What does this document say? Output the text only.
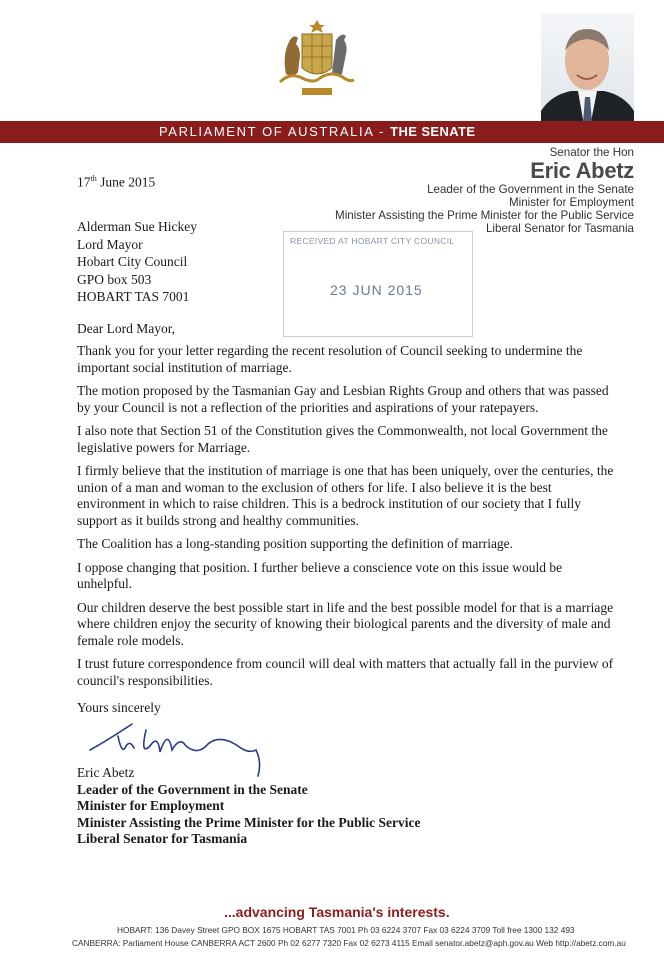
PARLIAMENT OF AUSTRALIA - THE SENATE
Senator the Hon
Eric Abetz
Leader of the Government in the Senate
Minister for Employment
Minister Assisting the Prime Minister for the Public Service
Liberal Senator for Tasmania
17th June 2015
Alderman Sue Hickey
Lord Mayor
Hobart City Council
GPO box 503
HOBART TAS 7001
RECEIVED AT HOBART CITY COUNCIL
23 JUN 2015
Dear Lord Mayor,

Thank you for your letter regarding the recent resolution of Council seeking to undermine the important social institution of marriage.

The motion proposed by the Tasmanian Gay and Lesbian Rights Group and others that was passed by your Council is not a reflection of the priorities and aspirations of your ratepayers.

I also note that Section 51 of the Constitution gives the Commonwealth, not local Government the legislative powers for Marriage.

I firmly believe that the institution of marriage is one that has been uniquely, over the centuries, the union of a man and woman to the exclusion of others for life. I also believe it is the best environment in which to raise children. This is a bedrock institution of our society that I fully support as it builds strong and healthy communities.

The Coalition has a long-standing position supporting the definition of marriage.

I oppose changing that position. I further believe a conscience vote on this issue would be unhelpful.

Our children deserve the best possible start in life and the best possible model for that is a marriage where children enjoy the security of knowing their biological parents and the diversity of male and female role models.

I trust future correspondence from council will deal with matters that actually fall in the purview of council's responsibilities.

Yours sincerely
Eric Abetz
Leader of the Government in the Senate
Minister for Employment
Minister Assisting the Prime Minister for the Public Service
Liberal Senator for Tasmania
...advancing Tasmania's interests.
HOBART: 136 Davey Street GPO BOX 1675 HOBART TAS 7001 Ph 03 6224 3707 Fax 03 6224 3709 Toll free 1300 132 493
CANBERRA: Parliament House CANBERRA ACT 2600 Ph 02 6277 7320 Fax 02 6273 4115 Email senator.abetz@aph.gov.au Web http://abetz.com.au
